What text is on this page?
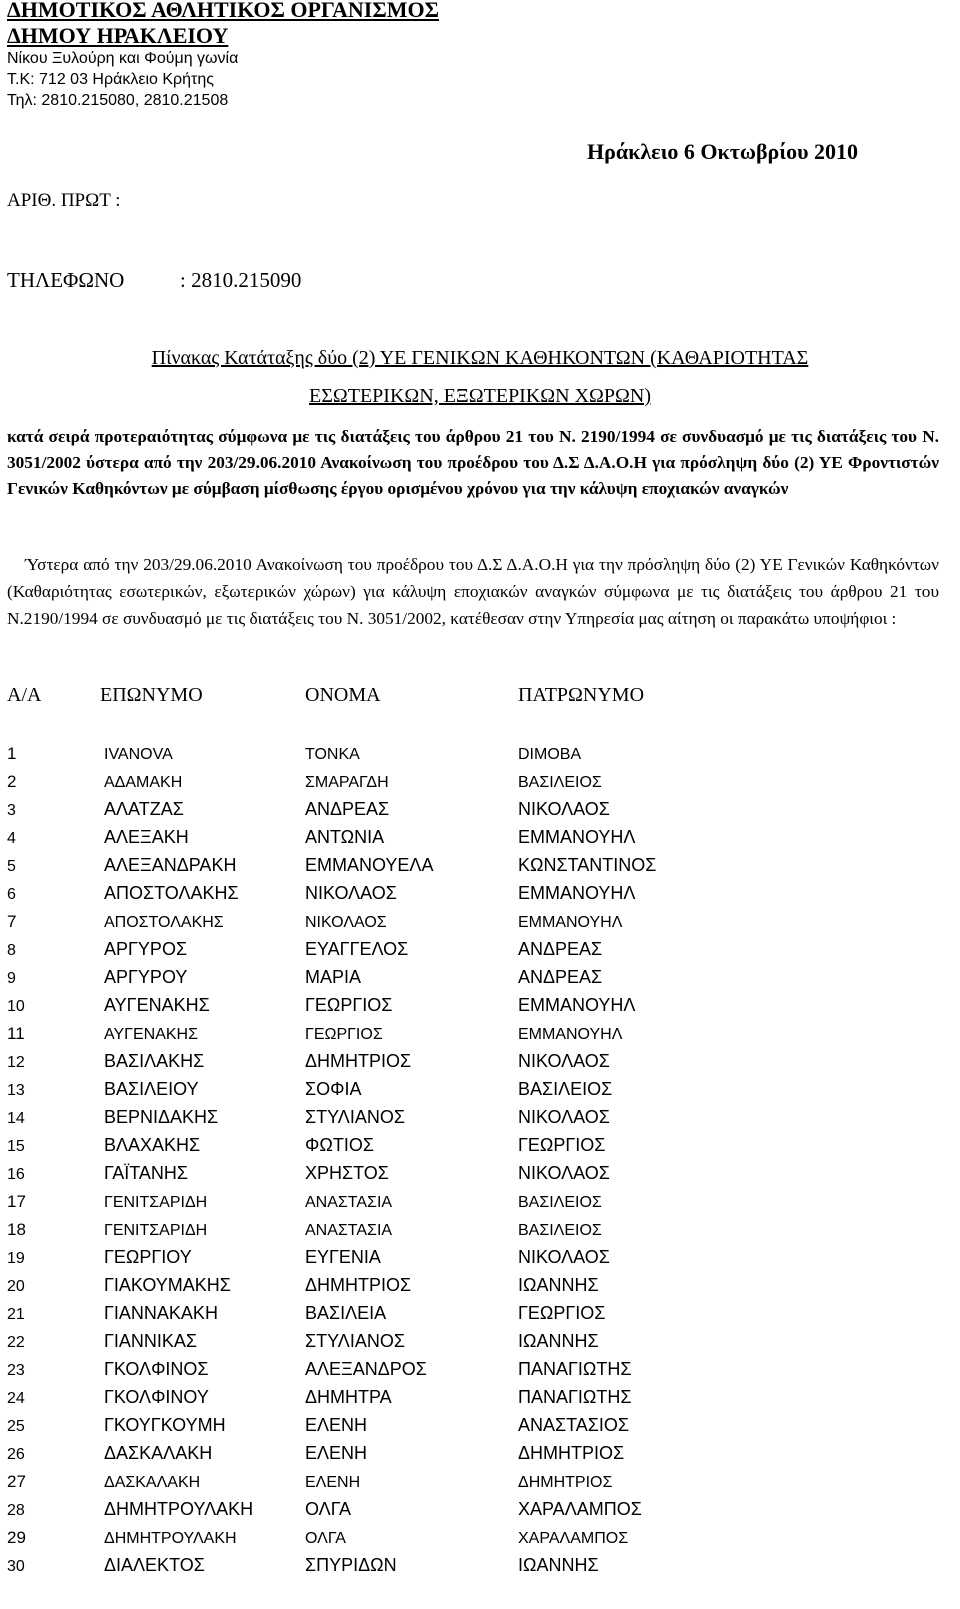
ΔΗΜΟΤΙΚΟΣ ΑΘΛΗΤΙΚΟΣ ΟΡΓΑΝΙΣΜΟΣ
ΔΗΜΟΥ ΗΡΑΚΛΕΙΟΥ
Νίκου Ξυλούρη και Φούμη γωνία
Τ.Κ: 712 03 Ηράκλειο Κρήτης
Τηλ: 2810.215080, 2810.21508
Ηράκλειο 6 Οκτωβρίου 2010
ΑΡΙΘ. ΠΡΩΤ :
ΤΗΛΕΦΩΝΟ	: 2810.215090
Πίνακας Κατάταξης δύο (2) ΥΕ ΓΕΝΙΚΩΝ ΚΑΘΗΚΟΝΤΩΝ (ΚΑΘΑΡΙΟΤΗΤΑΣ
ΕΣΩΤΕΡΙΚΩΝ, ΕΞΩΤΕΡΙΚΩΝ ΧΩΡΩΝ)
κατά σειρά προτεραιότητας σύμφωνα με τις διατάξεις του άρθρου 21 του Ν. 2190/1994 σε συνδυασμό με τις διατάξεις του Ν. 3051/2002 ύστερα από την 203/29.06.2010 Ανακοίνωση του προέδρου του Δ.Σ Δ.Α.Ο.Η για πρόσληψη δύο (2) ΥΕ Φροντιστών Γενικών Καθηκόντων με σύμβαση μίσθωσης έργου ορισμένου χρόνου για την κάλυψη εποχιακών αναγκών
Ύστερα από την 203/29.06.2010 Ανακοίνωση του προέδρου του Δ.Σ Δ.Α.Ο.Η για την πρόσληψη δύο (2) ΥΕ Γενικών Καθηκόντων (Καθαριότητας εσωτερικών, εξωτερικών χώρων) για κάλυψη εποχιακών αναγκών σύμφωνα με τις διατάξεις του άρθρου 21 του Ν.2190/1994 σε συνδυασμό με τις διατάξεις του Ν. 3051/2002, κατέθεσαν στην Υπηρεσία μας αίτηση οι παρακάτω υποψήφιοι :
Α/Α	ΕΠΩΝΥΜΟ	ΟΝΟΜΑ	ΠΑΤΡΩΝΥΜΟ
1	IVANOVA	TONKA	DIMOBA
2	ΑΔΑΜΑΚΗ	ΣΜΑΡΑΓΔΗ	ΒΑΣΙΛΕΙΟΣ
3	ΑΛΑΤΖΑΣ	ΑΝΔΡΕΑΣ	ΝΙΚΟΛΑΟΣ
4	ΑΛΕΞΑΚΗ	ΑΝΤΩΝΙΑ	ΕΜΜΑΝΟΥΗΛ
5	ΑΛΕΞΑΝΔΡΑΚΗ	ΕΜΜΑΝΟΥΕΛΑ	ΚΩΝΣΤΑΝΤΙΝΟΣ
6	ΑΠΟΣΤΟΛΑΚΗΣ	ΝΙΚΟΛΑΟΣ	ΕΜΜΑΝΟΥΗΛ
7	ΑΠΟΣΤΟΛΑΚΗΣ	ΝΙΚΟΛΑΟΣ	ΕΜΜΑΝΟΥΗΛ
8	ΑΡΓΥΡΟΣ	ΕΥΑΓΓΕΛΟΣ	ΑΝΔΡΕΑΣ
9	ΑΡΓΥΡΟΥ	ΜΑΡΙΑ	ΑΝΔΡΕΑΣ
10	ΑΥΓΕΝΑΚΗΣ	ΓΕΩΡΓΙΟΣ	ΕΜΜΑΝΟΥΗΛ
11	ΑΥΓΕΝΑΚΗΣ	ΓΕΩΡΓΙΟΣ	ΕΜΜΑΝΟΥΗΛ
12	ΒΑΣΙΛΑΚΗΣ	ΔΗΜΗΤΡΙΟΣ	ΝΙΚΟΛΑΟΣ
13	ΒΑΣΙΛΕΙΟΥ	ΣΟΦΙΑ	ΒΑΣΙΛΕΙΟΣ
14	ΒΕΡΝΙΔΑΚΗΣ	ΣΤΥΛΙΑΝΟΣ	ΝΙΚΟΛΑΟΣ
15	ΒΛΑΧΑΚΗΣ	ΦΩΤΙΟΣ	ΓΕΩΡΓΙΟΣ
16	ΓΑΪΤΑΝΗΣ	ΧΡΗΣΤΟΣ	ΝΙΚΟΛΑΟΣ
17	ΓΕΝΙΤΣΑΡΙΔΗ	ΑΝΑΣΤΑΣΙΑ	ΒΑΣΙΛΕΙΟΣ
18	ΓΕΝΙΤΣΑΡΙΔΗ	ΑΝΑΣΤΑΣΙΑ	ΒΑΣΙΛΕΙΟΣ
19	ΓΕΩΡΓΙΟΥ	ΕΥΓΕΝΙΑ	ΝΙΚΟΛΑΟΣ
20	ΓΙΑΚΟΥΜΑΚΗΣ	ΔΗΜΗΤΡΙΟΣ	ΙΩΑΝΝΗΣ
21	ΓΙΑΝΝΑΚΑΚΗ	ΒΑΣΙΛΕΙΑ	ΓΕΩΡΓΙΟΣ
22	ΓΙΑΝΝΙΚΑΣ	ΣΤΥΛΙΑΝΟΣ	ΙΩΑΝΝΗΣ
23	ΓΚΟΛΦΙΝΟΣ	ΑΛΕΞΑΝΔΡΟΣ	ΠΑΝΑΓΙΩΤΗΣ
24	ΓΚΟΛΦΙΝΟΥ	ΔΗΜΗΤΡΑ	ΠΑΝΑΓΙΩΤΗΣ
25	ΓΚΟΥΓΚΟΥΜΗ	ΕΛΕΝΗ	ΑΝΑΣΤΑΣΙΟΣ
26	ΔΑΣΚΑΛΑΚΗ	ΕΛΕΝΗ	ΔΗΜΗΤΡΙΟΣ
27	ΔΑΣΚΑΛΑΚΗ	ΕΛΕΝΗ	ΔΗΜΗΤΡΙΟΣ
28	ΔΗΜΗΤΡΟΥΛΑΚΗ	ΟΛΓΑ	ΧΑΡΑΛΑΜΠΟΣ
29	ΔΗΜΗΤΡΟΥΛΑΚΗ	ΟΛΓΑ	ΧΑΡΑΛΑΜΠΟΣ
30	ΔΙΑΛΕΚΤΟΣ	ΣΠΥΡΙΔΩΝ	ΙΩΑΝΝΗΣ
